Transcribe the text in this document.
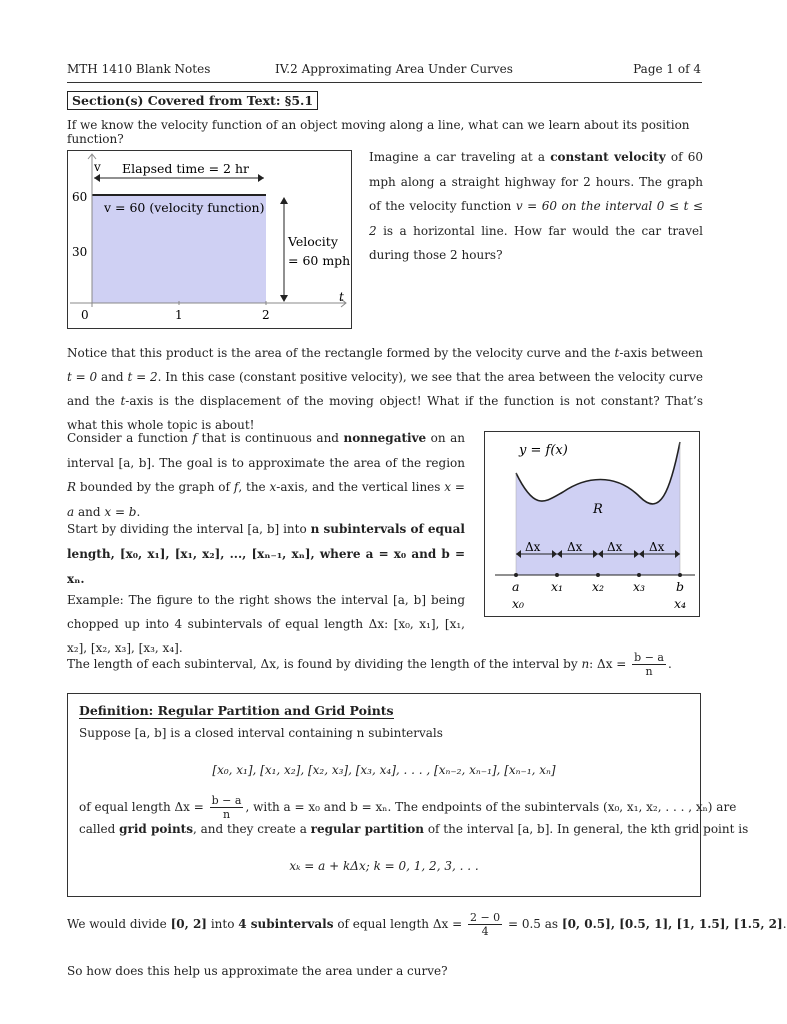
MTH 1410 Blank Notes	IV.2 Approximating Area Under Curves	Page 1 of 4
Section(s) Covered from Text: §5.1
If we know the velocity function of an object moving along a line, what can we learn about its position function?
v
t
Elapsed time = 2 hr
v = 60 (velocity function)
Velocity
= 60 mph
60
30
0	1	2
Imagine a car traveling at a constant velocity of 60 mph along a straight highway for 2 hours. The graph of the velocity function v = 60 on the interval 0 ≤ t ≤ 2 is a horizontal line. How far would the car travel during those 2 hours?
Notice that this product is the area of the rectangle formed by the velocity curve and the t-axis between t = 0 and t = 2. In this case (constant positive velocity), we see that the area between the velocity curve and the t-axis is the displacement of the moving object! What if the function is not constant? That’s what this whole topic is about!
Consider a function f that is continuous and nonnegative on an interval [a, b]. The goal is to approximate the area of the region R bounded by the graph of f, the x-axis, and the vertical lines x = a and x = b.
Start by dividing the interval [a, b] into n subintervals of equal length, [x₀, x₁], [x₁, x₂], ..., [xₙ₋₁, xₙ], where a = x₀ and b = xₙ.
Example: The figure to the right shows the interval [a, b] being chopped up into 4 subintervals of equal length Δx: [x₀, x₁], [x₁, x₂], [x₂, x₃], [x₃, x₄].
y = f(x)
R
Δx Δx Δx Δx
a	x₁ x₂ x₃ b
x₀	x₄
The length of each subinterval, Δx, is found by dividing the length of the interval by n: $\Delta x = \frac{b - a}{n}$ .
Definition: Regular Partition and Grid Points
Suppose [a, b] is a closed interval containing n subintervals
[x₀, x₁], [x₁, x₂], [x₂, x₃], [x₃, x₄], . . . , [xₙ₋₂, xₙ₋₁], [xₙ₋₁, xₙ]
of equal length $\Delta x = \frac{b - a}{n}$ , with a = x₀ and b = xₙ. The endpoints of the subintervals (x₀, x₁, x₂, . . . , xₙ) are
called grid points, and they create a regular partition of the interval [a, b]. In general, the kth grid point is
xₖ = a + kΔx; k = 0, 1, 2, 3, . . .
We would divide [0, 2] into 4 subintervals of equal length $\Delta x = \frac{2 - 0}{4} = 0.5$ as [0, 0.5], [0.5, 1], [1, 1.5], [1.5, 2].
So how does this help us approximate the area under a curve?
